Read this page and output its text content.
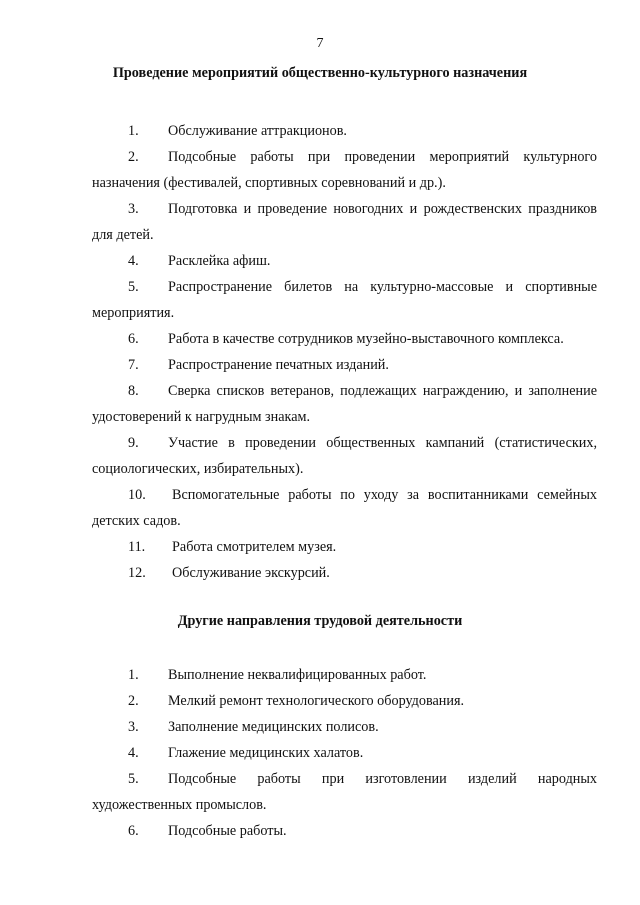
7
Проведение мероприятий общественно-культурного назначения
1. Обслуживание аттракционов.
2. Подсобные работы при проведении мероприятий культурного назначения (фестивалей, спортивных соревнований и др.).
3. Подготовка и проведение новогодних и рождественских праздников для детей.
4. Расклейка афиш.
5. Распространение билетов на культурно-массовые и спортивные мероприятия.
6. Работа в качестве сотрудников музейно-выставочного комплекса.
7. Распространение печатных изданий.
8. Сверка списков ветеранов, подлежащих награждению, и заполнение удостоверений к нагрудным знакам.
9. Участие в проведении общественных кампаний (статистических, социологических, избирательных).
10. Вспомогательные работы по уходу за воспитанниками семейных детских садов.
11. Работа смотрителем музея.
12. Обслуживание экскурсий.
Другие направления трудовой деятельности
1. Выполнение неквалифицированных работ.
2. Мелкий ремонт технологического оборудования.
3. Заполнение медицинских полисов.
4. Глажение медицинских халатов.
5. Подсобные работы при изготовлении изделий народных художественных промыслов.
6. Подсобные работы.
